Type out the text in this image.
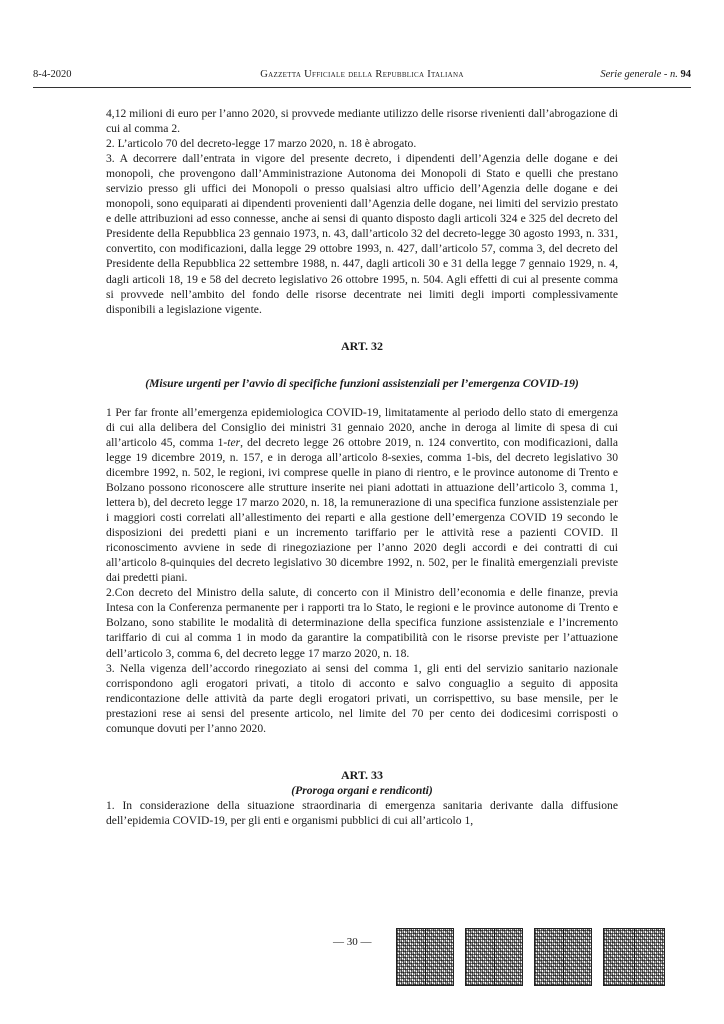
8-4-2020	Gazzetta Ufficiale della Repubblica Italiana	Serie generale - n. 94

4,12 milioni di euro per l’anno 2020, si provvede mediante utilizzo delle risorse rivenienti dall’abrogazione di cui al comma 2.

2. L’articolo 70 del decreto-legge 17 marzo 2020, n. 18 è abrogato.

3. A decorrere dall’entrata in vigore del presente decreto, i dipendenti dell’Agenzia delle dogane e dei monopoli, che provengono dall’Amministrazione Autonoma dei Monopoli di Stato e quelli che prestano servizio presso gli uffici dei Monopoli o presso qualsiasi altro ufficio dell’Agenzia delle dogane e dei monopoli, sono equiparati ai dipendenti provenienti dall’Agenzia delle dogane, nei limiti del servizio prestato e delle attribuzioni ad esso connesse, anche ai sensi di quanto disposto dagli articoli 324 e 325 del decreto del Presidente della Repubblica 23 gennaio 1973, n. 43, dall’articolo 32 del decreto-legge 30 agosto 1993, n. 331, convertito, con modificazioni, dalla legge 29 ottobre 1993, n. 427, dall’articolo 57, comma 3, del decreto del Presidente della Repubblica 22 settembre 1988, n. 447, dagli articoli 30 e 31 della legge 7 gennaio 1929, n. 4, dagli articoli 18, 19 e 58 del decreto legislativo 26 ottobre 1995, n. 504. Agli effetti di cui al presente comma si provvede nell’ambito del fondo delle risorse decentrate nei limiti degli importi complessivamente disponibili a legislazione vigente.

ART. 32

(Misure urgenti per l’avvio di specifiche funzioni assistenziali per l’emergenza COVID-19)

1 Per far fronte all’emergenza epidemiologica COVID-19, limitatamente al periodo dello stato di emergenza di cui alla delibera del Consiglio dei ministri 31 gennaio 2020, anche in deroga al limite di spesa di cui all’articolo 45, comma 1-ter, del decreto legge 26 ottobre 2019, n. 124 convertito, con modificazioni, dalla legge 19 dicembre 2019, n. 157, e in deroga all’articolo 8-sexies, comma 1-bis, del decreto legislativo 30 dicembre 1992, n. 502, le regioni, ivi comprese quelle in piano di rientro, e le province autonome di Trento e Bolzano possono riconoscere alle strutture inserite nei piani adottati in attuazione dell’articolo 3, comma 1, lettera b), del decreto legge 17 marzo 2020, n. 18, la remunerazione di una specifica funzione assistenziale per i maggiori costi correlati all’allestimento dei reparti e alla gestione dell’emergenza COVID 19 secondo le disposizioni dei predetti piani e un incremento tariffario per le attività rese a pazienti COVID. Il riconoscimento avviene in sede di rinegoziazione per l’anno 2020 degli accordi e dei contratti di cui all’articolo 8-quinquies del decreto legislativo 30 dicembre 1992, n. 502, per le finalità emergenziali previste dai predetti piani.

2.Con decreto del Ministro della salute, di concerto con il Ministro dell’economia e delle finanze, previa Intesa con la Conferenza permanente per i rapporti tra lo Stato, le regioni e le province autonome di Trento e Bolzano, sono stabilite le modalità di determinazione della specifica funzione assistenziale e l’incremento tariffario di cui al comma 1 in modo da garantire la compatibilità con le risorse previste per l’attuazione dell’articolo 3, comma 6, del decreto legge 17 marzo 2020, n. 18.

3. Nella vigenza dell’accordo rinegoziato ai sensi del comma 1, gli enti del servizio sanitario nazionale corrispondono agli erogatori privati, a titolo di acconto e salvo conguaglio a seguito di apposita rendicontazione delle attività da parte degli erogatori privati, un corrispettivo, su base mensile, per le prestazioni rese ai sensi del presente articolo, nel limite del 70 per cento dei dodicesimi corrisposti o comunque dovuti per l’anno 2020.

ART. 33

(Proroga organi e rendiconti)

1. In considerazione della situazione straordinaria di emergenza sanitaria derivante dalla diffusione dell’epidemia COVID-19, per gli enti e organismi pubblici di cui all’articolo 1,

— 30 —
